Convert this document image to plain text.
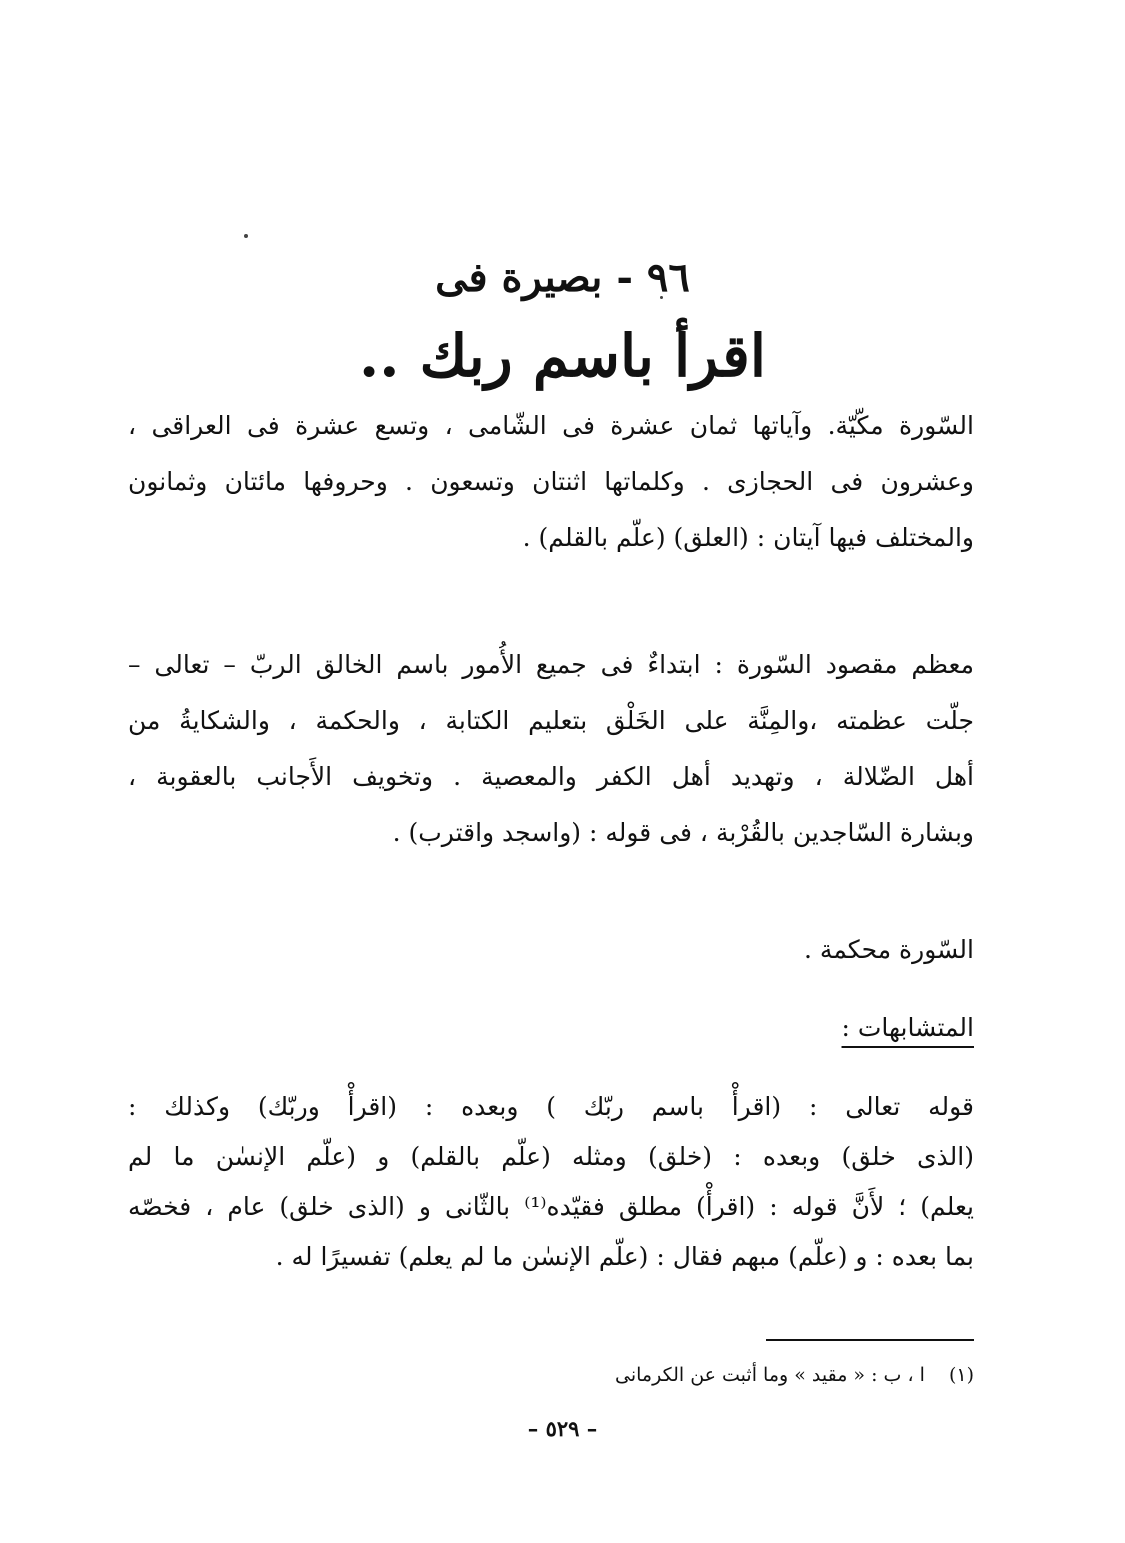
٩٦ - بصيرة فى
اقرأ باسم ربك ..
السّورة مكّيّة. وآياتها ثمان عشرة فى الشّامى ، وتسع عشرة فى العراقى ،
وعشرون فى الحجازى . وكلماتها اثنتان وتسعون . وحروفها مائتان وثمانون
والمختلف فيها آيتان : (العلق) (علّم بالقلم) .
معظم مقصود السّورة : ابتداءٌ فى جميع الأُمور باسم الخالق الربّ – تعالى –
جلّت عظمته ،والمِنَّة على الخَلْق بتعليم الكتابة ، والحكمة ، والشكايةُ من
أهل الضّلالة ، وتهديد أهل الكفر والمعصية . وتخويف الأَجانب بالعقوبة ،
وبشارة السّاجدين بالقُرْبة ، فى قوله : (واسجد واقترب) .
السّورة محكمة .
المتشابهات :
قوله تعالى : (اقرأْ باسم ربّك ) وبعده : (اقرأْ وربّك) وكذلك :
(الذى خلق) وبعده : (خلق) ومثله (علّم بالقلم) و (علّم الإنسٰن ما لم
يعلم) ؛ لأَنَّ قوله : (اقرأْ) مطلق فقيّده⁽¹⁾ بالثّانى و (الذى خلق) عام ، فخصّه
بما بعده : و (علّم) مبهم فقال : (علّم الإنسٰن ما لم يعلم) تفسيرًا له .
(١) ا ، ب : « مقيد » وما أثبت عن الكرمانى
– ٥٢٩ –
